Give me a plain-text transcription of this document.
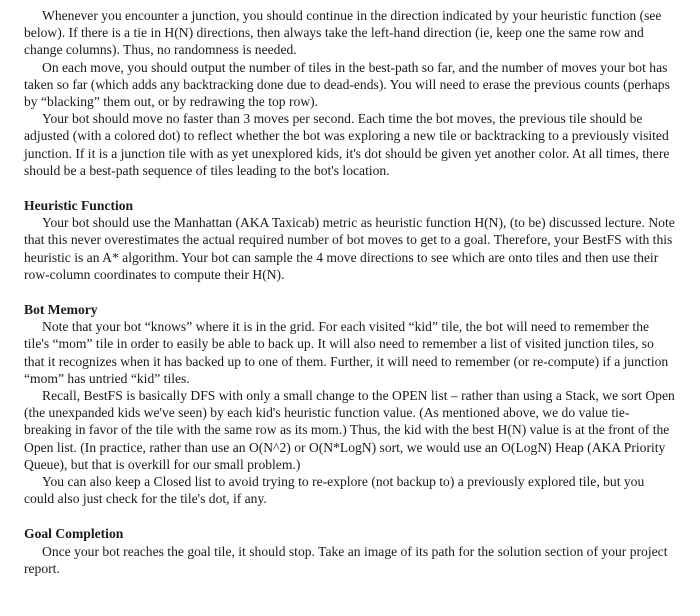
Whenever you encounter a junction, you should continue in the direction indicated by your heuristic function (see below). If there is a tie in H(N) directions, then always take the left-hand direction (ie, keep one the same row and change columns). Thus, no randomness is needed.

On each move, you should output the number of tiles in the best-path so far, and the number of moves your bot has taken so far (which adds any backtracking done due to dead-ends). You will need to erase the previous counts (perhaps by “blacking” them out, or by redrawing the top row).

Your bot should move no faster than 3 moves per second. Each time the bot moves, the previous tile should be adjusted (with a colored dot) to reflect whether the bot was exploring a new tile or backtracking to a previously visited junction. If it is a junction tile with as yet unexplored kids, it's dot should be given yet another color. At all times, there should be a best-path sequence of tiles leading to the bot's location.

Heuristic Function

Your bot should use the Manhattan (AKA Taxicab) metric as heuristic function H(N), (to be) discussed lecture. Note that this never overestimates the actual required number of bot moves to get to a goal. Therefore, your BestFS with this heuristic is an A* algorithm. Your bot can sample the 4 move directions to see which are onto tiles and then use their row-column coordinates to compute their H(N).

Bot Memory

Note that your bot “knows” where it is in the grid. For each visited “kid” tile, the bot will need to remember the tile's “mom” tile in order to easily be able to back up. It will also need to remember a list of visited junction tiles, so that it recognizes when it has backed up to one of them. Further, it will need to remember (or re-compute) if a junction “mom” has untried “kid” tiles.

Recall, BestFS is basically DFS with only a small change to the OPEN list – rather than using a Stack, we sort Open (the unexpanded kids we've seen) by each kid's heuristic function value. (As mentioned above, we do value tie-breaking in favor of the tile with the same row as its mom.) Thus, the kid with the best H(N) value is at the front of the Open list. (In practice, rather than use an O(N^2) or O(N*LogN) sort, we would use an O(LogN) Heap (AKA Priority Queue), but that is overkill for our small problem.)

You can also keep a Closed list to avoid trying to re-explore (not backup to) a previously explored tile, but you could also just check for the tile's dot, if any.

Goal Completion

Once your bot reaches the goal tile, it should stop. Take an image of its path for the solution section of your project report.
